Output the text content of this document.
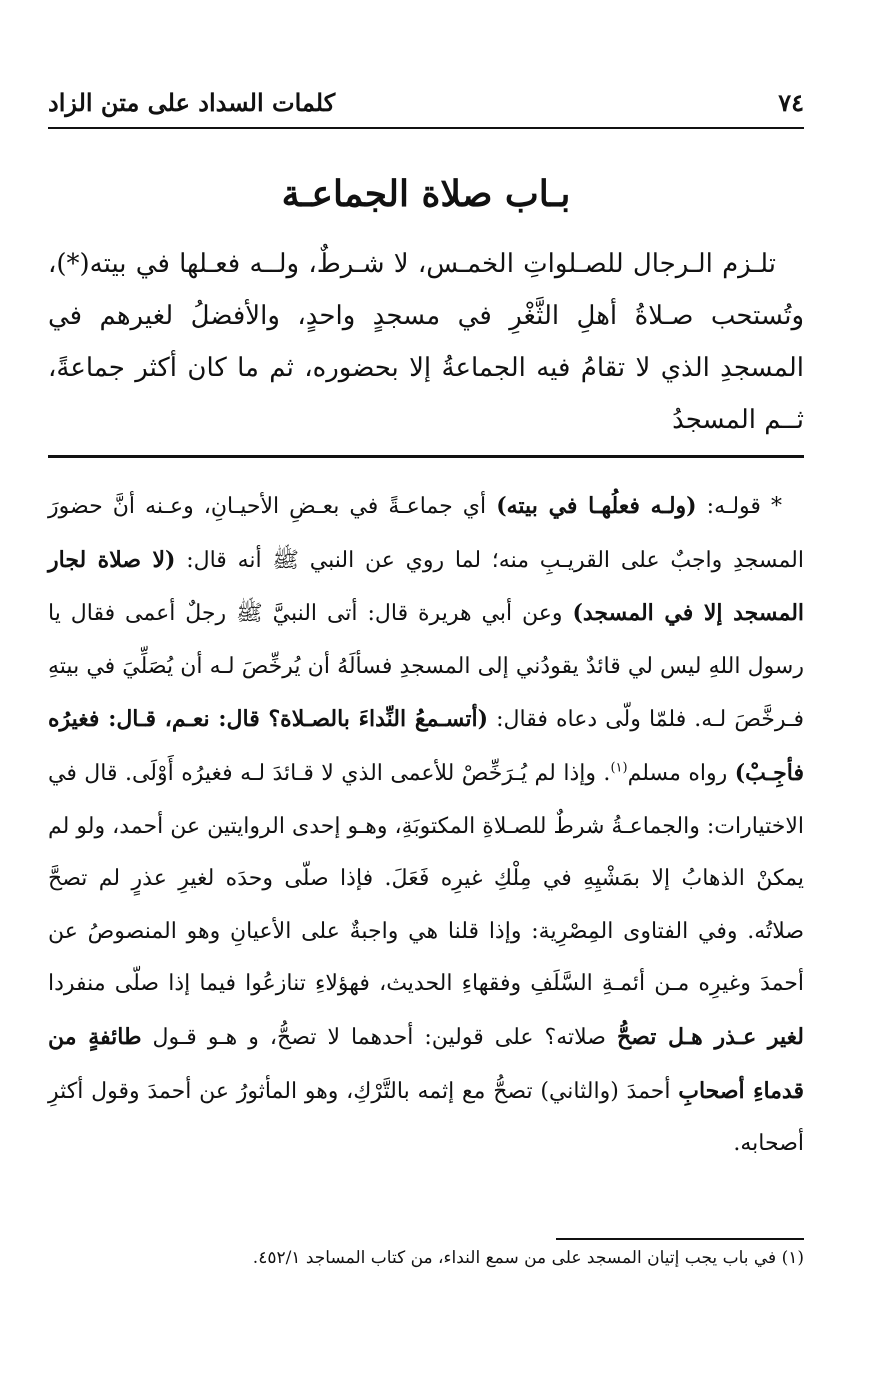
٧٤
كلمات السداد على متن الزاد
بـاب صلاة الجماعـة

تلـزم الـرجال للصـلواتِ الخمـس، لا شـرطٌ، ولــه فعـلها في بيته(*)، وتُستحب صـلاةُ أهلِ الثَّغْرِ في مسجدٍ واحدٍ، والأفضلُ لغيرهم في المسجدِ الذي لا تقامُ فيه الجماعةُ إلا بحضوره، ثم ما كان أكثر جماعةً، ثــم المسجدُ

* قولـه: (ولـه فعلُهـا في بيته) أي جماعـةً في بعـضِ الأحيـانِ، وعـنه أنَّ حضورَ المسجدِ واجبٌ على القريـبِ منه؛ لما روي عن النبي ﷺ أنه قال: (لا صلاة لجار المسجد إلا في المسجد) وعن أبي هريرة قال: أتى النبيَّ ﷺ رجلٌ أعمى فقال يا رسول اللهِ ليس لي قائدٌ يقودُني إلى المسجدِ فسألَهُ أن يُرخِّصَ لـه أن يُصَلِّيَ في بيتهِ فـرخَّصَ لـه. فلمّا ولّى دعاه فقال: (أتسـمعُ النِّداءَ بالصـلاة؟ قال: نعـم، قـال: فغيرُه فأجِـبْ) رواه مسلم$^{(١)}$. وإذا لم يُـرَخِّصْ للأعمى الذي لا قـائدَ لـه فغيرُه أَوْلَى. قال في الاختيارات: والجماعـةُ شرطٌ للصـلاةِ المكتوبَةِ، وهـو إحدى الروايتين عن أحمد، ولو لم يمكنْ الذهابُ إلا بمَشْيِهِ في مِلْكِ غيرِه فَعَلَ. فإذا صلّى وحدَه لغيرِ عذرٍ لم تصحَّ صلاتُه. وفي الفتاوى المِصْرِية: وإذا قلنا هي واجبةٌ على الأعيانِ وهو المنصوصُ عن أحمدَ وغيرِه مـن أئمـةِ السَّلَفِ وفقهاءِ الحديث، فهؤلاءِ تنازعُوا فيما إذا صلّى منفردا لغير عـذر هـل تصحُّ صلاته؟ على قولين: أحدهما لا تصحُّ، و هـو قـول طائفةٍ من قدماءِ أصحابِ أحمدَ (والثاني) تصحُّ مع إثمه بالتَّرْكِ، وهو المأثورُ عن أحمدَ وقول أكثرِ أصحابه.

(١) في باب يجب إتيان المسجد على من سمع النداء، من كتاب المساجد ٤٥٢/١.
